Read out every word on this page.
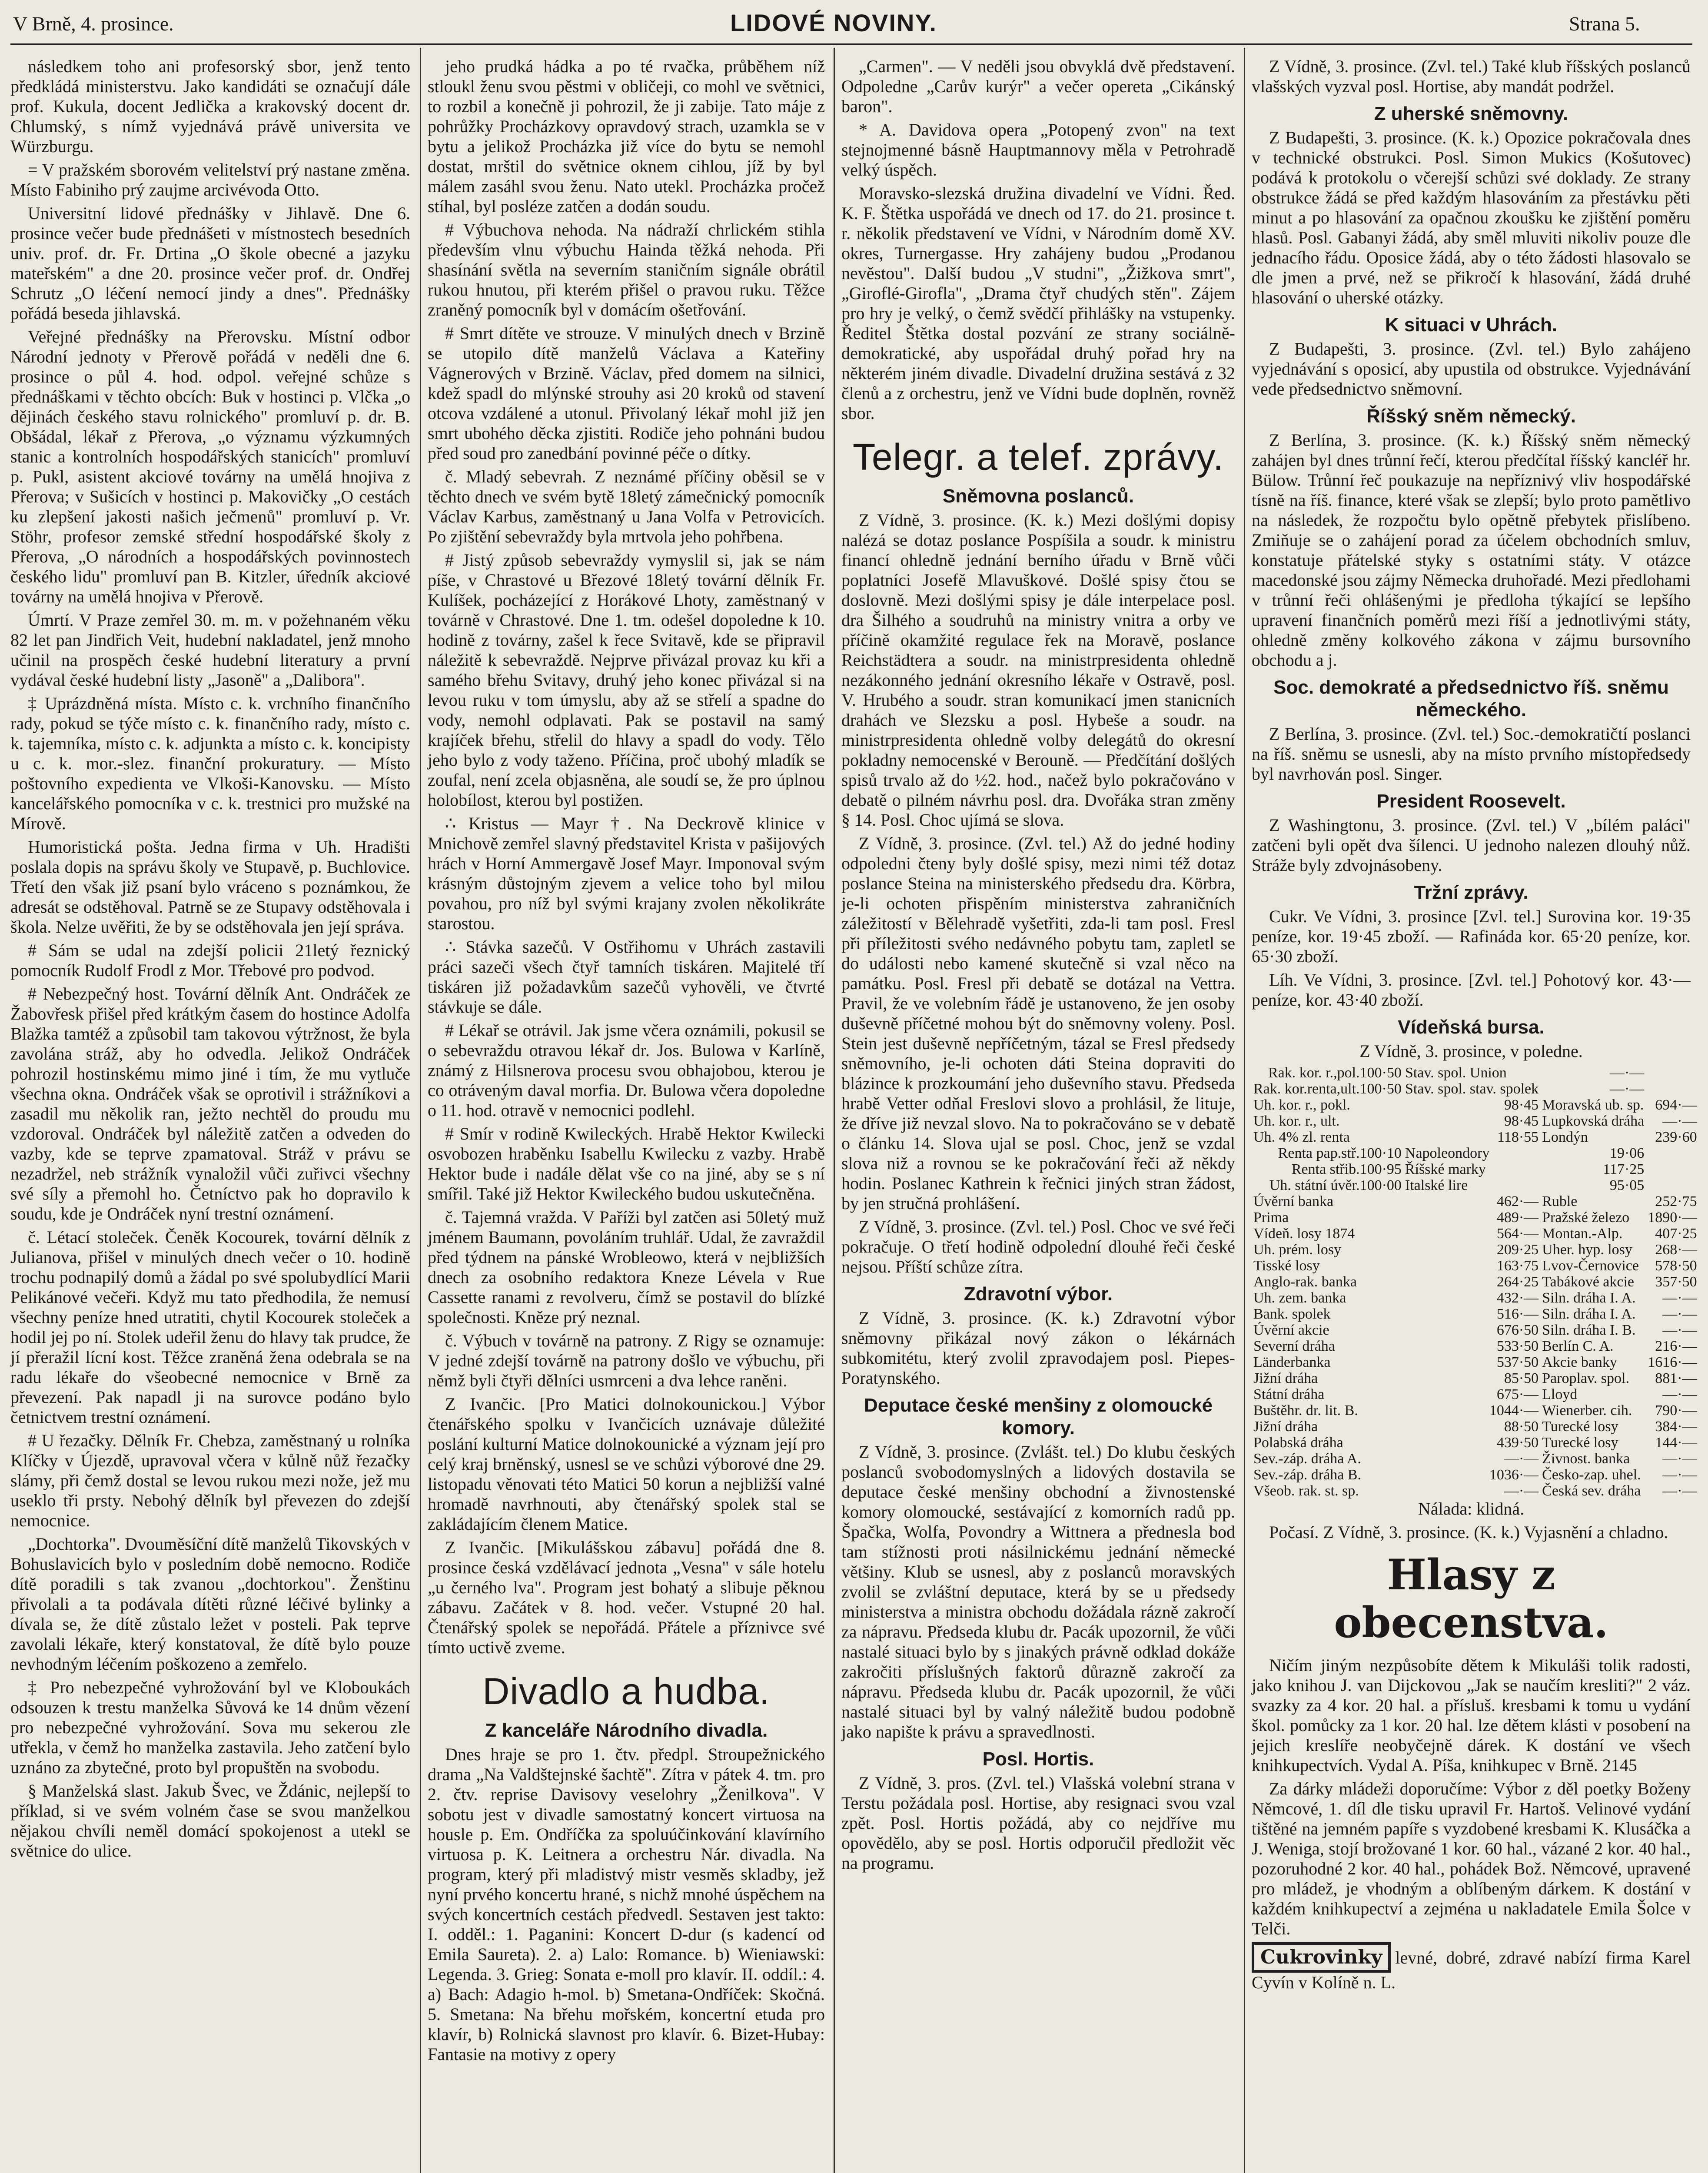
V Brně, 4. prosince.	LIDOVÉ NOVINY.	Strana 5.

následkem toho ani profesorský sbor, jenž tento předkládá ministerstvu. Jako kandidáti se označují dále prof. Kukula, docent Jedlička a krakovský docent dr. Chlumský, s nímž vyjednává právě universita ve Würzburgu.

= V pražském sborovém velitelství prý nastane změna. Místo Fabiniho prý zaujme arcivévoda Otto.

Universitní lidové přednášky v Jihlavě. Dne 6. prosince večer bude přednášeti v místnostech besedních univ. prof. dr. Fr. Drtina „O škole obecné a jazyku mateřském" a dne 20. prosince večer prof. dr. Ondřej Schrutz „O léčení nemocí jindy a dnes". Přednášky pořádá beseda jihlavská.

Veřejné přednášky na Přerovsku. Místní odbor Národní jednoty v Přerově pořádá v neděli dne 6. prosince o půl 4. hod. odpol. veřejné schůze s přednáškami v těchto obcích: Buk v hostinci p. Vlčka „o dějinách českého stavu rolnického" promluví p. dr. B. Obšádal, lékař z Přerova, „o významu výzkumných stanic a kontrolních hospodářských stanicích" promluví p. Pukl, asistent akciové továrny na umělá hnojiva z Přerova; v Sušicích v hostinci p. Makovičky „O cestách ku zlepšení jakosti našich ječmenů" promluví p. Vr. Stöhr, profesor zemské střední hospodářské školy z Přerova, „O národních a hospodářských povinnostech českého lidu" promluví pan B. Kitzler, úředník akciové továrny na umělá hnojiva v Přerově.

Úmrtí. V Praze zemřel 30. m. m. v požehnaném věku 82 let pan Jindřich Veit, hudební nakladatel, jenž mnoho učinil na prospěch české hudební literatury a první vydával české hudební listy „Jasoně" a „Dalibora".

‡ Uprázdněná místa. Místo c. k. vrchního finančního rady, pokud se týče místo c. k. finančního rady, místo c. k. tajemníka, místo c. k. adjunkta a místo c. k. koncipisty u c. k. mor.-slez. finanční prokuratury. — Místo poštovního expedienta ve Vlkoši-Kanovsku. — Místo kancelářského pomocníka v c. k. trestnici pro mužské na Mírově.

Humoristická pošta. Jedna firma v Uh. Hradišti poslala dopis na správu školy ve Stupavě, p. Buchlovice. Třetí den však již psaní bylo vráceno s poznámkou, že adresát se odstěhoval. Patrně se ze Stupavy odstěhovala i škola. Nelze uvěřiti, že by se odstěhovala jen její správa.

# Sám se udal na zdejší policii 21letý řeznický pomocník Rudolf Frodl z Mor. Třebové pro podvod.

# Nebezpečný host. Tovární dělník Ant. Ondráček ze Žabovřesk přišel před krátkým časem do hostince Adolfa Blažka tamtéž a způsobil tam takovou výtržnost, že byla zavolána stráž, aby ho odvedla. Jelikož Ondráček pohrozil hostinskému mimo jiné i tím, že mu vytluče všechna okna. Ondráček však se oprotivil i strážníkovi a zasadil mu několik ran, ježto nechtěl do proudu mu vzdoroval. Ondráček byl náležitě zatčen a odveden do vazby, kde se teprve zpamatoval. Stráž v právu se nezadržel, neb strážník vynaložil vůči zuřivci všechny své síly a přemohl ho. Četníctvo pak ho dopravilo k soudu, kde je Ondráček nyní trestní oznámení.

č. Létací stoleček. Čeněk Kocourek, tovární dělník z Julianova, přišel v minulých dnech večer o 10. hodině trochu podnapilý domů a žádal po své spolubydlící Marii Pelikánové večeři. Když mu tato předhodila, že nemusí všechny peníze hned utratiti, chytil Kocourek stoleček a hodil jej po ní. Stolek udeřil ženu do hlavy tak prudce, že jí přeražil lícní kost. Těžce zraněná žena odebrala se na radu lékaře do všeobecné nemocnice v Brně za převezení. Pak napadl ji na surovce podáno bylo četnictvem trestní oznámení.

# U řezačky. Dělník Fr. Chebza, zaměstnaný u rolníka Klíčky v Újezdě, upravoval včera v kůlně nůž řezačky slámy, při čemž dostal se levou rukou mezi nože, jež mu useklo tři prsty. Nebohý dělník byl převezen do zdejší nemocnice.

„Dochtorka". Dvouměsíční dítě manželů Tikovských v Bohuslavicích bylo v posledním době nemocno. Rodiče dítě poradili s tak zvanou „dochtorkou". Ženštinu přivolali a ta podávala dítěti různé léčivé bylinky a dívala se, že dítě zůstalo ležet v posteli. Pak teprve zavolali lékaře, který konstatoval, že dítě bylo pouze nevhodným léčením poškozeno a zemřelo.

‡ Pro nebezpečné vyhrožování byl ve Kloboukách odsouzen k trestu manželka Sůvová ke 14 dnům vězení pro nebezpečné vyhrožování. Sova mu sekerou zle utřekla, v čemž ho manželka zastavila. Jeho zatčení bylo uznáno za zbytečné, proto byl propuštěn na svobodu.

§ Manželská slast. Jakub Švec, ve Ždánic, nejlepší to příklad, si ve svém volném čase se svou manželkou nějakou chvíli neměl domácí spokojenost a utekl se světnice do ulice.

jeho prudká hádka a po té rvačka, průběhem níž stloukl ženu svou pěstmi v obličeji, co mohl ve světnici, to rozbil a konečně ji pohrozil, že ji zabije. Tato máje z pohrůžky Procházkovy opravdový strach, uzamkla se v bytu a jelikož Procházka již více do bytu se nemohl dostat, mrštil do světnice oknem cihlou, jíž by byl málem zasáhl svou ženu. Nato utekl. Procházka pročež stíhal, byl posléze zatčen a dodán soudu.

# Výbuchova nehoda. Na nádraží chrlickém stihla především vlnu výbuchu Hainda těžká nehoda. Při shasínání světla na severním staničním signále obrátil rukou hnutou, při kterém přišel o pravou ruku. Těžce zraněný pomocník byl v domácím ošetřování.

# Smrt dítěte ve strouze. V minulých dnech v Brzině se utopilo dítě manželů Václava a Kateřiny Vágnerových v Brzině. Václav, před domem na silnici, kdež spadl do mlýnské strouhy asi 20 kroků od stavení otcova vzdálené a utonul. Přivolaný lékař mohl již jen smrt ubohého děcka zjistiti. Rodiče jeho pohnáni budou před soud pro zanedbání povinné péče o dítky.

č. Mladý sebevrah. Z neznámé příčiny oběsil se v těchto dnech ve svém bytě 18letý zámečnický pomocník Václav Karbus, zaměstnaný u Jana Volfa v Petrovicích. Po zjištění sebevraždy byla mrtvola jeho pohřbena.

# Jistý způsob sebevraždy vymyslil si, jak se nám píše, v Chrastové u Březové 18letý tovární dělník Fr. Kulíšek, pocházející z Horákové Lhoty, zaměstnaný v továrně v Chrastové. Dne 1. tm. odešel dopoledne k 10. hodině z továrny, zašel k řece Svitavě, kde se připravil náležitě k sebevraždě. Nejprve přivázal provaz ku kři a samého břehu Svitavy, druhý jeho konec přivázal si na levou ruku v tom úmyslu, aby až se střelí a spadne do vody, nemohl odplavati. Pak se postavil na samý krajíček břehu, střelil do hlavy a spadl do vody. Tělo jeho bylo z vody taženo. Příčina, proč ubohý mladík se zoufal, není zcela objasněna, ale soudí se, že pro úplnou holobílost, kterou byl postižen.

∴ Kristus — Mayr †. Na Deckrově klinice v Mnichově zemřel slavný představitel Krista v pašijových hrách v Horní Ammergavě Josef Mayr. Imponoval svým krásným důstojným zjevem a velice toho byl milou povahou, pro níž byl svými krajany zvolen několikráte starostou.

∴ Stávka sazečů. V Ostřihomu v Uhrách zastavili práci sazeči všech čtyř tamních tiskáren. Majitelé tří tiskáren již požadavkům sazečů vyhověli, ve čtvrté stávkuje se dále.

# Lékař se otrávil. Jak jsme včera oznámili, pokusil se o sebevraždu otravou lékař dr. Jos. Bulowa v Karlíně, známý z Hilsnerova procesu svou obhajobou, kterou je co otráveným daval morfia. Dr. Bulowa včera dopoledne o 11. hod. otravě v nemocnici podlehl.

# Smír v rodině Kwileckých. Hrabě Hektor Kwilecki osvobozen hraběnku Isabellu Kwilecku z vazby. Hrabě Hektor bude i nadále dělat vše co na jiné, aby se s ní smířil. Také již Hektor Kwileckého budou uskutečněna.

č. Tajemná vražda. V Paříži byl zatčen asi 50letý muž jménem Baumann, povoláním truhlář. Udal, že zavraždil před týdnem na pánské Wrobleowo, která v nejbližších dnech za osobního redaktora Kneze Lévela v Rue Cassette ranami z revolveru, čímž se postavil do blízké společnosti. Kněze prý neznal.

č. Výbuch v továrně na patrony. Z Rigy se oznamuje: V jedné zdejší továrně na patrony došlo ve výbuchu, při němž byli čtyři dělníci usmrceni a dva lehce raněni.

Z Ivančic. [Pro Matici dolnokounickou.] Výbor čtenářského spolku v Ivančicích uznávaje důležité poslání kulturní Matice dolnokounické a význam její pro celý kraj brněnský, usnesl se ve schůzi výborové dne 29. listopadu věnovati této Matici 50 korun a nejbližší valné hromadě navrhnouti, aby čtenářský spolek stal se zakládajícím členem Matice.

Z Ivančic. [Mikulášskou zábavu] pořádá dne 8. prosince česká vzdělávací jednota „Vesna" v sále hotelu „u černého lva". Program jest bohatý a slibuje pěknou zábavu. Začátek v 8. hod. večer. Vstupné 20 hal. Čtenářský spolek se nepořádá. Přátele a příznivce své tímto uctivě zveme.

Divadlo a hudba.
Z kanceláře Národního divadla.

Dnes hraje se pro 1. čtv. předpl. Stroupežnického drama „Na Valdštejnské šachtě". Zítra v pátek 4. tm. pro 2. čtv. reprise Davisovy veselohry „Ženilkova". V sobotu jest v divadle samostatný koncert virtuosa na housle p. Em. Ondříčka za spoluúčinkování klavírního virtuosa p. K. Leitnera a orchestru Nár. divadla. Na program, který při mladistvý mistr vesměs skladby, jež nyní prvého koncertu hrané, s nichž mnohé úspěchem na svých koncertních cestách předvedl. Sestaven jest takto: I. odděl.: 1. Paganini: Koncert D-dur (s kadencí od Emila Saureta). 2. a) Lalo: Romance. b) Wieniawski: Legenda. 3. Grieg: Sonata e-moll pro klavír. II. oddíl.: 4. a) Bach: Adagio h-mol. b) Smetana-Ondříček: Skočná. 5. Smetana: Na břehu mořském, koncertní etuda pro klavír, b) Rolnická slavnost pro klavír. 6. Bizet-Hubay: Fantasie na motivy z opery

„Carmen". — V neděli jsou obvyklá dvě představení. Odpoledne „Carův kurýr" a večer opereta „Cikánský baron".

* A. Davidova opera „Potopený zvon" na text stejnojmenné básně Hauptmannovy měla v Petrohradě velký úspěch.

Moravsko-slezská družina divadelní ve Vídni. Řed. K. F. Štětka uspořádá ve dnech od 17. do 21. prosince t. r. několik představení ve Vídni, v Národním domě XV. okres, Turnergasse. Hry zahájeny budou „Prodanou nevěstou". Další budou „V studni", „Žižkova smrt", „Giroflé-Girofla", „Drama čtyř chudých stěn". Zájem pro hry je velký, o čemž svědčí přihlášky na vstupenky. Ředitel Štětka dostal pozvání ze strany sociálně-demokratické, aby uspořádal druhý pořad hry na některém jiném divadle. Divadelní družina sestává z 32 členů a z orchestru, jenž ve Vídni bude doplněn, rovněž sbor.

Telegr. a telef. zprávy.
Sněmovna poslanců.

Z Vídně, 3. prosince. (K. k.) Mezi došlými dopisy nalézá se dotaz poslance Pospíšila a soudr. k ministru financí ohledně jednání berního úřadu v Brně vůči poplatníci Josefě Mlavuškové. Došlé spisy čtou se doslovně. Mezi došlými spisy je dále interpelace posl. dra Šilhého a soudruhů na ministry vnitra a orby ve příčině okamžité regulace řek na Moravě, poslance Reichstädtera a soudr. na ministrpresidenta ohledně nezákonného jednání okresního lékaře v Ostravě, posl. V. Hrubého a soudr. stran komunikací jmen stanicních drahách ve Slezsku a posl. Hybeše a soudr. na ministrpresidenta ohledně volby delegátů do okresní pokladny nemocenské v Berouně. — Předčítání došlých spisů trvalo až do ½2. hod., načež bylo pokračováno v debatě o pilném návrhu posl. dra. Dvořáka stran změny § 14. Posl. Choc ujímá se slova.

Z Vídně, 3. prosince. (Zvl. tel.) Až do jedné hodiny odpoledni čteny byly došlé spisy, mezi nimi též dotaz poslance Steina na ministerského předsedu dra. Körbra, je-li ochoten přispěním ministerstva zahraničních záležitostí v Bělehradě vyšetřiti, zda-li tam posl. Fresl při příležitosti svého nedávného pobytu tam, zapletl se do události nebo kamené skutečně si vzal něco na památku. Posl. Fresl při debatě se dotázal na Vettra. Pravil, že ve volebním řádě je ustanoveno, že jen osoby duševně příčetné mohou být do sněmovny voleny. Posl. Stein jest duševně nepříčetným, tázal se Fresl předsedy sněmovního, je-li ochoten dáti Steina dopraviti do blázince k prozkoumání jeho duševního stavu. Předseda hrabě Vetter odňal Freslovi slovo a prohlásil, že lituje, že dříve již nevzal slovo. Na to pokračováno se v debatě o článku 14. Slova ujal se posl. Choc, jenž se vzdal slova niž a rovnou se ke pokračování řeči až někdy hodin. Poslanec Kathrein k řečnici jiných stran žádost, by jen stručná prohlášení.

Z Vídně, 3. prosince. (Zvl. tel.) Posl. Choc ve své řeči pokračuje. O třetí hodině odpolední dlouhé řeči české nejsou. Příští schůze zítra.

Zdravotní výbor.

Z Vídně, 3. prosince. (K. k.) Zdravotní výbor sněmovny přikázal nový zákon o lékárnách subkomitétu, který zvolil zpravodajem posl. Piepes-Poratynského.

Deputace české menšiny z olomoucké komory.

Z Vídně, 3. prosince. (Zvlášt. tel.) Do klubu českých poslanců svobodomyslných a lidových dostavila se deputace české menšiny obchodní a živnostenské komory olomoucké, sestávající z komorních radů pp. Špačka, Wolfa, Povondry a Wittnera a přednesla bod tam stížnosti proti násilnickému jednání německé většiny. Klub se usnesl, aby z poslanců moravských zvolil se zvláštní deputace, která by se u předsedy ministerstva a ministra obchodu dožádala rázně zakročí za nápravu. Předseda klubu dr. Pacák upozornil, že vůči nastalé situaci bylo by s jinakých právně odklad dokáže zakročiti příslušných faktorů důrazně zakročí za nápravu. Předseda klubu dr. Pacák upozornil, že vůči nastalé situaci byl by valný náležitě budou podobně jako napište k právu a spravedlnosti.

Posl. Hortis.

Z Vídně, 3. pros. (Zvl. tel.) Vlašská volební strana v Terstu požádala posl. Hortise, aby resignaci svou vzal zpět. Posl. Hortis požádá, aby co nejdříve mu opovědělo, aby se posl. Hortis odporučil předložit věc na programu.

Z Vídně, 3. prosince. (Zvl. tel.) Také klub říšských poslanců vlašských vyzval posl. Hortise, aby mandát podržel.

Z uherské sněmovny.

Z Budapešti, 3. prosince. (K. k.) Opozice pokračovala dnes v technické obstrukci. Posl. Simon Mukics (Košutovec) podává k protokolu o včerejší schůzi své doklady. Ze strany obstrukce žádá se před každým hlasováním za přestávku pěti minut a po hlasování za opačnou zkoušku ke zjištění poměru hlasů. Posl. Gabanyi žádá, aby směl mluviti nikoliv pouze dle jednacího řádu. Oposice žádá, aby o této žádosti hlasovalo se dle jmen a prvé, než se přikročí k hlasování, žádá druhé hlasování o uherské otázky.

K situaci v Uhrách.

Z Budapešti, 3. prosince. (Zvl. tel.) Bylo zahájeno vyjednávání s oposicí, aby upustila od obstrukce. Vyjednávání vede předsednictvo sněmovní.

Říšský sněm německý.

Z Berlína, 3. prosince. (K. k.) Říšský sněm německý zahájen byl dnes trůnní řečí, kterou předčítal říšský kancléř hr. Bülow. Trůnní řeč poukazuje na nepříznivý vliv hospodářské tísně na říš. finance, které však se zlepší; bylo proto pamětlivo na následek, že rozpočtu bylo opětně přebytek přislíbeno. Zmiňuje se o zahájení porad za účelem obchodních smluv, konstatuje přátelské styky s ostatními státy. V otázce macedonské jsou zájmy Německa druhořadé. Mezi předlohami v trůnní řeči ohlášenými je předloha týkající se lepšího upravení finančních poměrů mezi říší a jednotlivými státy, ohledně změny kolkového zákona v zájmu bursovního obchodu a j.

Soc. demokraté a předsednictvo říš. sněmu německého.

Z Berlína, 3. prosince. (Zvl. tel.) Soc.-demokratičtí poslanci na říš. sněmu se usnesli, aby na místo prvního místopředsedy byl navrhován posl. Singer.

President Roosevelt.

Z Washingtonu, 3. prosince. (Zvl. tel.) V „bílém paláci" zatčeni byli opět dva šílenci. U jednoho nalezen dlouhý nůž. Stráže byly zdvojnásobeny.

Tržní zprávy.

Cukr. Ve Vídni, 3. prosince [Zvl. tel.] Surovina kor. 19·35 peníze, kor. 19·45 zboží. — Rafináda kor. 65·20 peníze, kor. 65·30 zboží.

Líh. Ve Vídni, 3. prosince. [Zvl. tel.] Pohotový kor. 43·— peníze, kor. 43·40 zboží.

Vídeňská bursa.

Z Vídně, 3. prosince, v poledne.

Rak. kor. r.,pol.100·50	Stav. spol. Union	—·—	
Rak. kor.renta,ult.100·50	Stav. spol. stav. spolek	—·—	
Uh. kor. r., pokl.	98·45	Moravská ub. sp.	694·—
Uh. kor. r., ult.	98·45	Lupkovská dráha	—·—
Uh. 4% zl. renta	118·55	Londýn	239·60
Renta pap.stř.100·10	Napoleondory	19·06	
Renta střib.100·95	Říšské marky	117·25	
Uh. státní úvěr.100·00	Italské lire	95·05	
Úvěrní banka	462·—	Ruble	252·75
Prima	489·—	Pražské železo	1890·—
Vídeň. losy 1874	564·—	Montan.-Alp.	407·25
Uh. prém. losy	209·25	Uher. hyp. losy	268·—
Tisské losy	163·75	Lvov-Černovice	578·50
Anglo-rak. banka	264·25	Tabákové akcie	357·50
Uh. zem. banka	432·—	Siln. dráha I. A.	—·—
Bank. spolek	516·—	Siln. dráha I. A.	—·—
Úvěrní akcie	676·50	Siln. dráha I. B.	—·—
Severní dráha	533·50	Berlín C. A.	216·—
Länderbanka	537·50	Akcie banky	1616·—
Jižní dráha	85·50	Paroplav. spol.	881·—
Státní dráha	675·—	Lloyd	—·—
Buštěhr. dr. lit. B.	1044·—	Wienerber. cih.	790·—
Jižní dráha	88·50	Turecké losy	384·—
Polabská dráha	439·50	Turecké losy	144·—
Sev.-záp. dráha A.	—·—	Živnost. banka	—·—
Sev.-záp. dráha B.	1036·—	Česko-zap. uhel.	—·—
Všeob. rak. st. sp.	—·—	Česká sev. dráha	—·—

Nálada: klidná.

Počasí. Z Vídně, 3. prosince. (K. k.) Vyjasnění a chladno.

Hlasy z obecenstva.

Ničím jiným nezpůsobíte dětem k Mikuláši tolik radosti, jako knihou J. van Dijckovou „Jak se naučím kresliti?" 2 váz. svazky za 4 kor. 20 hal. a přísluš. kresbami k tomu u vydání škol. pomůcky za 1 kor. 20 hal. lze dětem klásti v posobení na jejich kreslíře neobyčejně dárek. K dostání ve všech knihkupectvích. Vydal A. Píša, knihkupec v Brně. 2145

Za dárky mládeži doporučíme: Výbor z děl poetky Boženy Němcové, 1. díl dle tisku upravil Fr. Hartoš. Velinové vydání tištěné na jemném papíře s vyzdobené kresbami K. Klusáčka a J. Weniga, stojí brožované 1 kor. 60 hal., vázané 2 kor. 40 hal., pozoruhodné 2 kor. 40 hal., pohádek Bož. Němcové, upravené pro mládež, je vhodným a oblíbeným dárkem. K dostání v každém knihkupectví a zejména u nakladatele Emila Šolce v Telči.

Cukrovinky levné, dobré, zdravé nabízí firma Karel Cyvín v Kolíně n. L.
